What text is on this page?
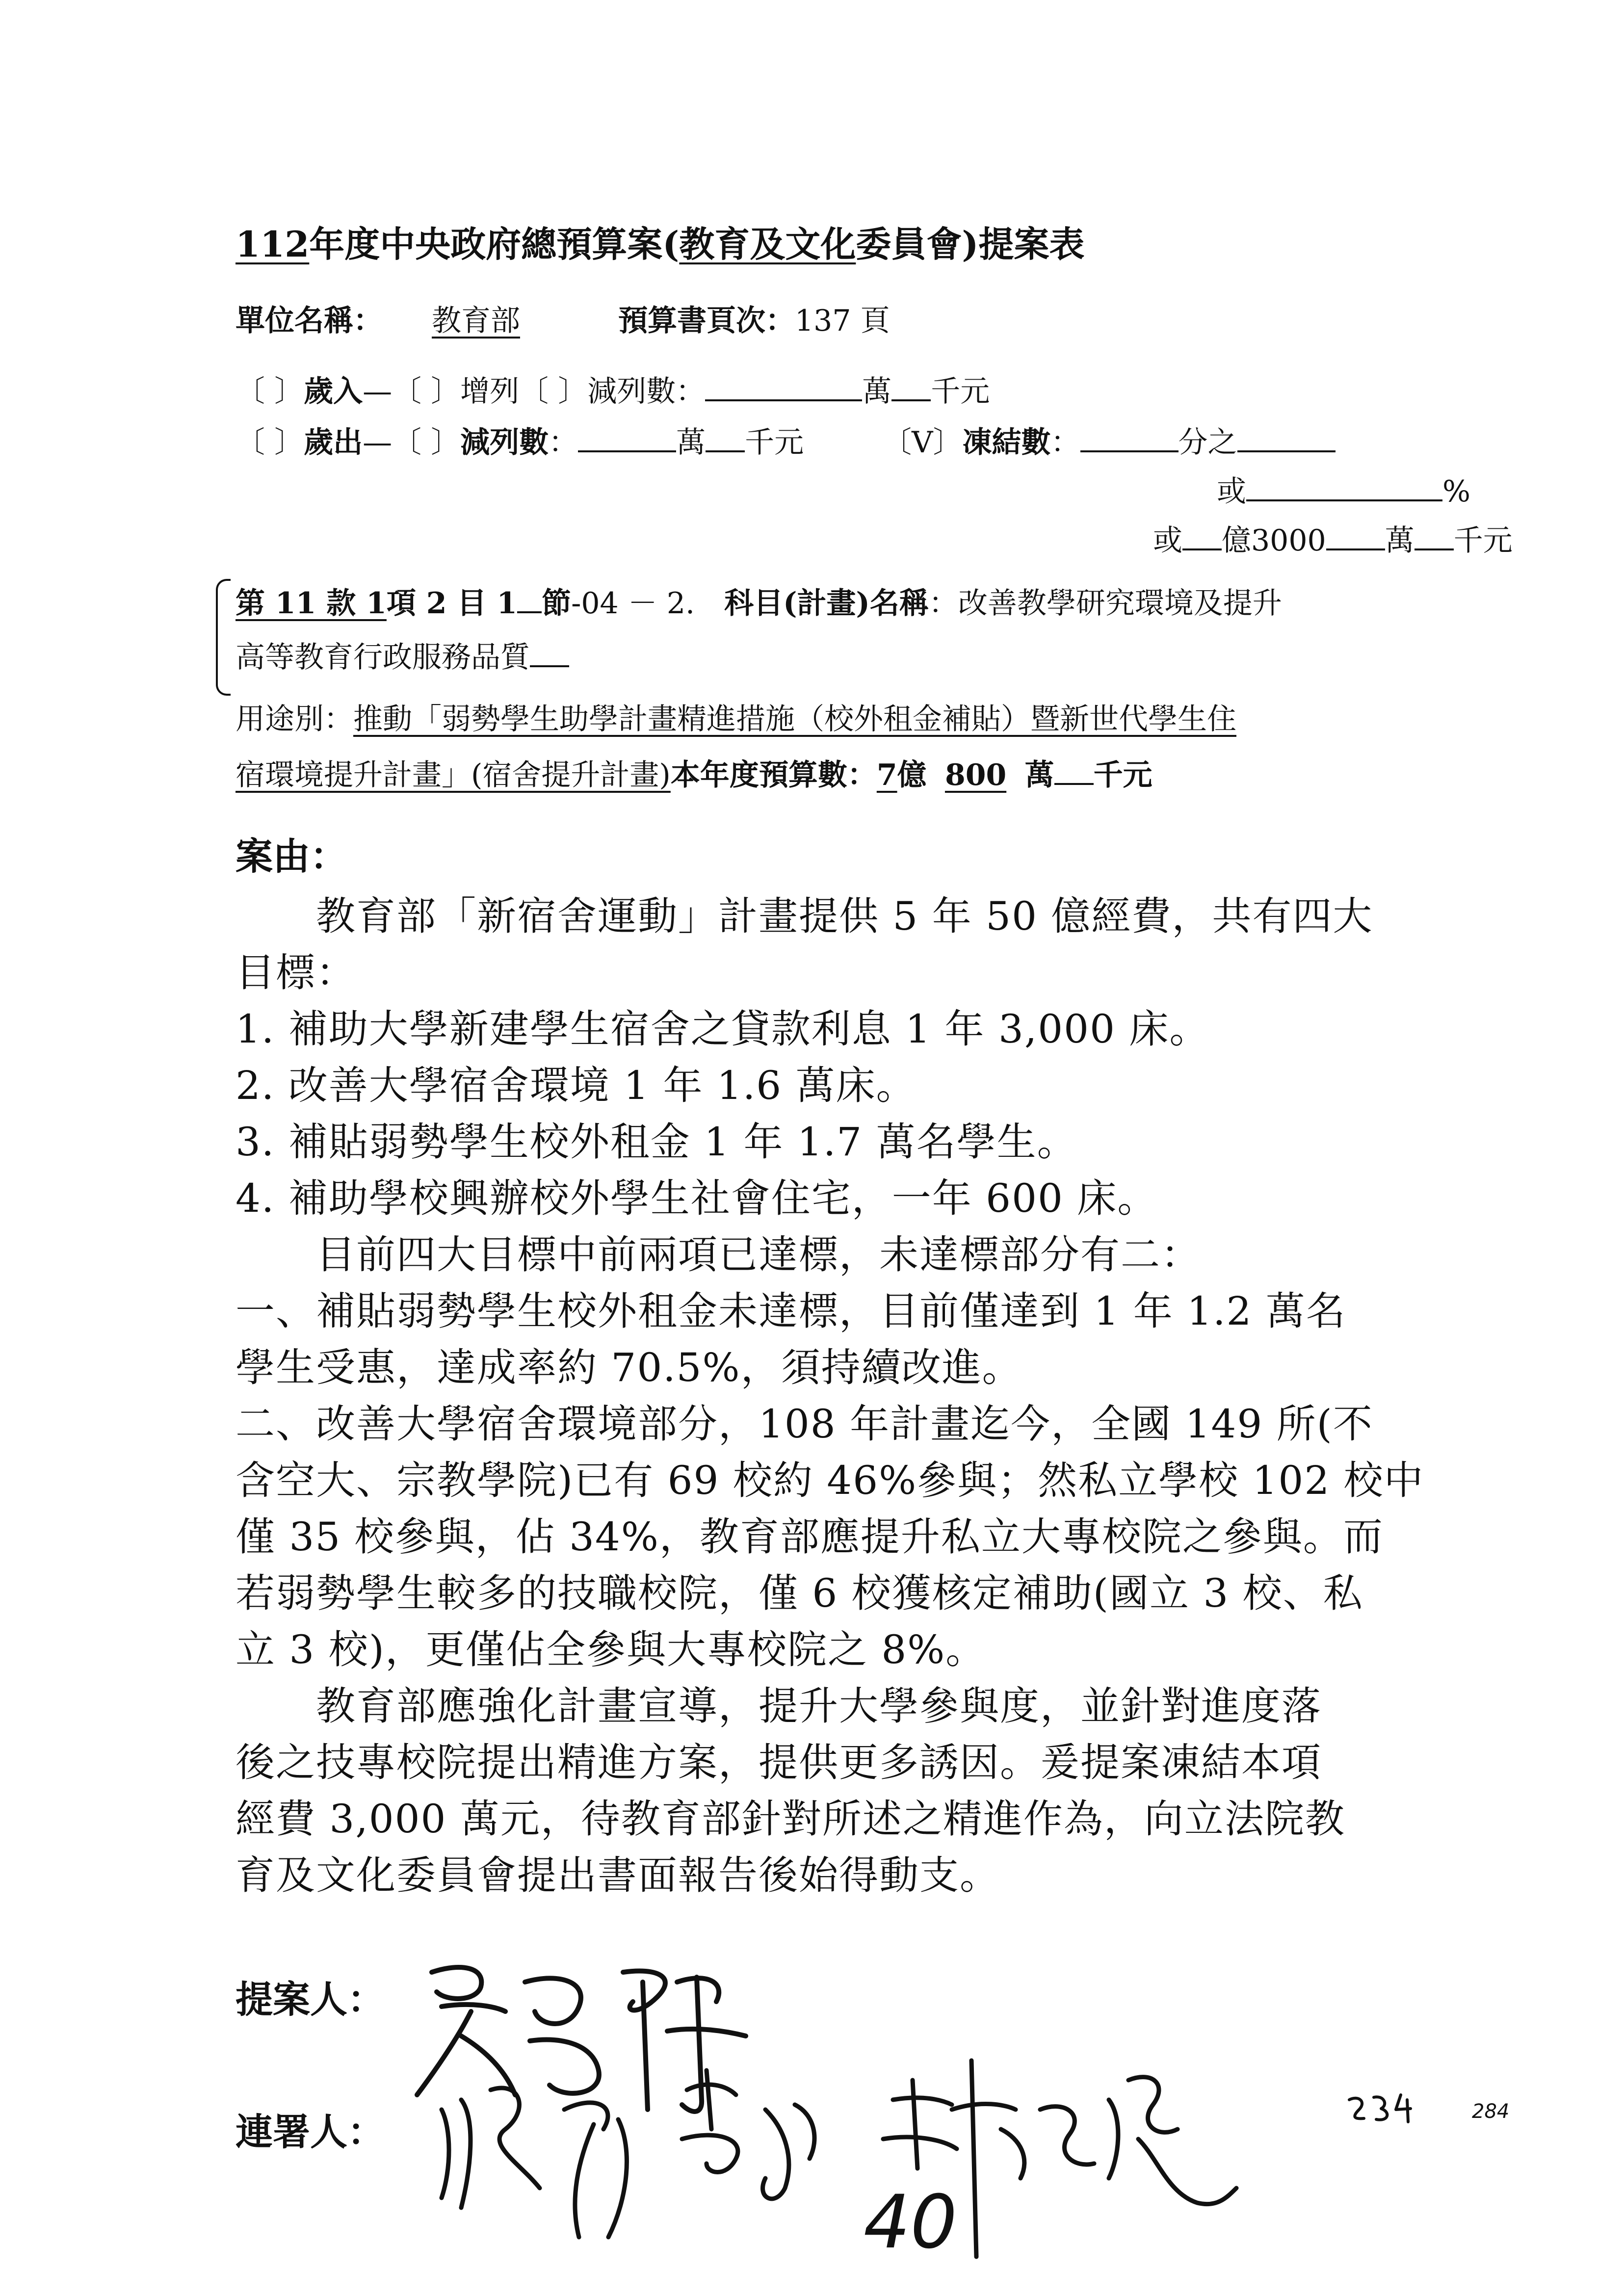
112年度中央政府總預算案(教育及文化委員會)提案表
單位名稱： 教育部	預算書頁次：137 頁
〔 〕歲入—〔 〕增列〔 〕減列數：	萬 千元
〔 〕歲出—〔 〕減列數：	萬 千元	〔V〕凍結數：	分之
或	%
或 億3000 萬 千元
第 11 款 1項 2 目 1 節-04 － 2.　科目(計畫)名稱：改善教學研究環境及提升
高等教育行政服務品質
用途別：推動「弱勢學生助學計畫精進措施（校外租金補貼）暨新世代學生住
宿環境提升計畫」(宿舍提升計畫)本年度預算數：7億 800 萬 千元
案由：
　　教育部「新宿舍運動」計畫提供 5 年 50 億經費，共有四大
目標：
1. 補助大學新建學生宿舍之貸款利息 1 年 3,000 床。
2. 改善大學宿舍環境 1 年 1.6 萬床。
3. 補貼弱勢學生校外租金 1 年 1.7 萬名學生。
4. 補助學校興辦校外學生社會住宅，一年 600 床。
　　目前四大目標中前兩項已達標，未達標部分有二：
一、補貼弱勢學生校外租金未達標，目前僅達到 1 年 1.2 萬名
學生受惠，達成率約 70.5%，須持續改進。
二、改善大學宿舍環境部分，108 年計畫迄今，全國 149 所(不
含空大、宗教學院)已有 69 校約 46%參與；然私立學校 102 校中
僅 35 校參與，佔 34%，教育部應提升私立大專校院之參與。而
若弱勢學生較多的技職校院，僅 6 校獲核定補助(國立 3 校、私
立 3 校)，更僅佔全參與大專校院之 8%。
　　教育部應強化計畫宣導，提升大學參與度，並針對進度落
後之技專校院提出精進方案，提供更多誘因。爰提案凍結本項
經費 3,000 萬元，待教育部針對所述之精進作為，向立法院教
育及文化委員會提出書面報告後始得動支。
提案人：
連署人：
40
284
